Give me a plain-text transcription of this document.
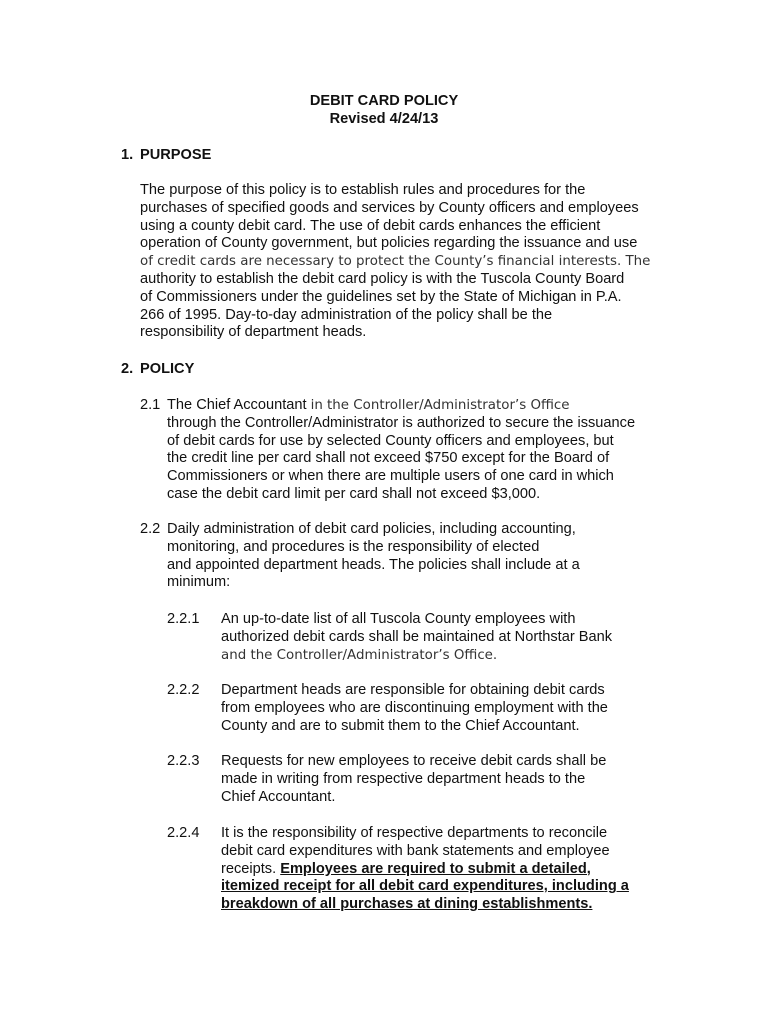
DEBIT CARD POLICY
Revised 4/24/13
1. PURPOSE
The purpose of this policy is to establish rules and procedures for the
purchases of specified goods and services by County officers and employees
using a county debit card. The use of debit cards enhances the efficient
operation of County government, but policies regarding the issuance and use
of credit cards are necessary to protect the County’s financial interests. The
authority to establish the debit card policy is with the Tuscola County Board
of Commissioners under the guidelines set by the State of Michigan in P.A.
266 of 1995. Day-to-day administration of the policy shall be the
responsibility of department heads.
2. POLICY
2.1 The Chief Accountant in the Controller/Administrator’s Office
through the Controller/Administrator is authorized to secure the issuance
of debit cards for use by selected County officers and employees, but
the credit line per card shall not exceed $750 except for the Board of
Commissioners or when there are multiple users of one card in which
case the debit card limit per card shall not exceed $3,000.
2.2 Daily administration of debit card policies, including accounting,
monitoring, and procedures is the responsibility of elected
and appointed department heads. The policies shall include at a
minimum:
2.2.1 An up-to-date list of all Tuscola County employees with
authorized debit cards shall be maintained at Northstar Bank
and the Controller/Administrator’s Office.
2.2.2 Department heads are responsible for obtaining debit cards
from employees who are discontinuing employment with the
County and are to submit them to the Chief Accountant.
2.2.3 Requests for new employees to receive debit cards shall be
made in writing from respective department heads to the
Chief Accountant.
2.2.4 It is the responsibility of respective departments to reconcile
debit card expenditures with bank statements and employee
receipts. Employees are required to submit a detailed,
itemized receipt for all debit card expenditures, including a
breakdown of all purchases at dining establishments.
